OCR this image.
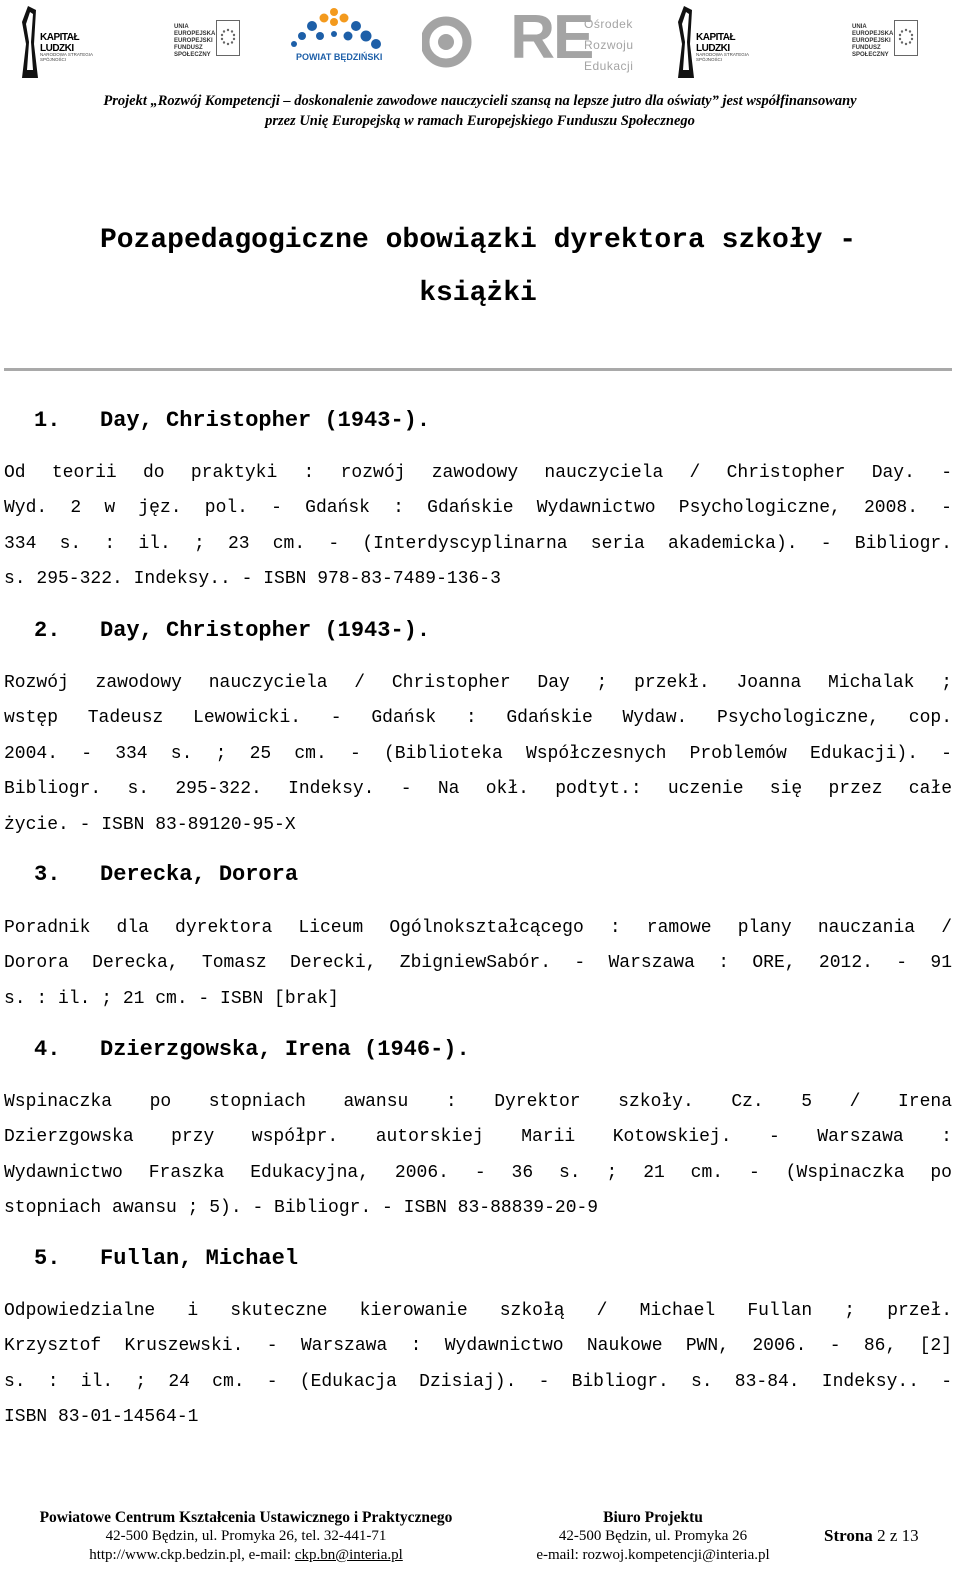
KAPITAŁ LUDZKI
NARODOWA STRATEGIA SPÓJNOŚCI
UNIA EUROPEJSKA EUROPEJSKI FUNDUSZ SPOŁECZNY	POWIAT BĘDZIŃSKI	RE
Ośrodek
Rozwoju
Edukacji
KAPITAŁ LUDZKI
NARODOWA STRATEGIA SPÓJNOŚCI
UNIA EUROPEJSKA EUROPEJSKI FUNDUSZ SPOŁECZNY
Projekt „Rozwój Kompetencji – doskonalenie zawodowe nauczycieli szansą na lepsze jutro dla oświaty” jest współfinansowany
przez Unię Europejską w ramach Europejskiego Funduszu Społecznego
Pozapedagogiczne obowiązki dyrektora szkoły -
książki
1.   Day, Christopher (1943-).
Od teorii do praktyki : rozwój zawodowy nauczyciela / Christopher Day. -
Wyd. 2 w jęz. pol. - Gdańsk : Gdańskie Wydawnictwo Psychologiczne, 2008. -
334 s. : il. ; 23 cm. - (Interdyscyplinarna seria akademicka). - Bibliogr.
s. 295-322. Indeksy.. - ISBN 978-83-7489-136-3
2.   Day, Christopher (1943-).
Rozwój zawodowy nauczyciela / Christopher Day ; przekł. Joanna Michalak ;
wstęp Tadeusz Lewowicki. - Gdańsk : Gdańskie Wydaw. Psychologiczne, cop.
2004. - 334 s. ; 25 cm. - (Biblioteka Współczesnych Problemów Edukacji). -
Bibliogr. s. 295-322. Indeksy. - Na okł. podtyt.: uczenie się przez całe
życie. - ISBN 83-89120-95-X
3.   Derecka, Dorora
Poradnik dla dyrektora Liceum Ogólnokształcącego : ramowe plany nauczania /
Dorora Derecka, Tomasz Derecki, ZbigniewSabór. - Warszawa : ORE, 2012. - 91
s. : il. ; 21 cm. - ISBN [brak]
4.   Dzierzgowska, Irena (1946-).
Wspinaczka po stopniach awansu : Dyrektor szkoły. Cz. 5 / Irena
Dzierzgowska przy współpr. autorskiej Marii Kotowskiej. - Warszawa :
Wydawnictwo Fraszka Edukacyjna, 2006. - 36 s. ; 21 cm. - (Wspinaczka po
stopniach awansu ; 5). - Bibliogr. - ISBN 83-88839-20-9
5.   Fullan, Michael
Odpowiedzialne i skuteczne kierowanie szkołą / Michael Fullan ; przeł.
Krzysztof Kruszewski. - Warszawa : Wydawnictwo Naukowe PWN, 2006. - 86, [2]
s. : il. ; 24 cm. - (Edukacja Dzisiaj). - Bibliogr. s. 83-84. Indeksy.. -
ISBN 83-01-14564-1
Powiatowe Centrum Kształcenia Ustawicznego i Praktycznego
42-500 Będzin, ul. Promyka 26, tel. 32-441-71
http://www.ckp.bedzin.pl, e-mail: ckp.bn@interia.pl
Biuro Projektu
42-500 Będzin, ul. Promyka 26
e-mail: rozwoj.kompetencji@interia.pl
Strona 2 z 13
